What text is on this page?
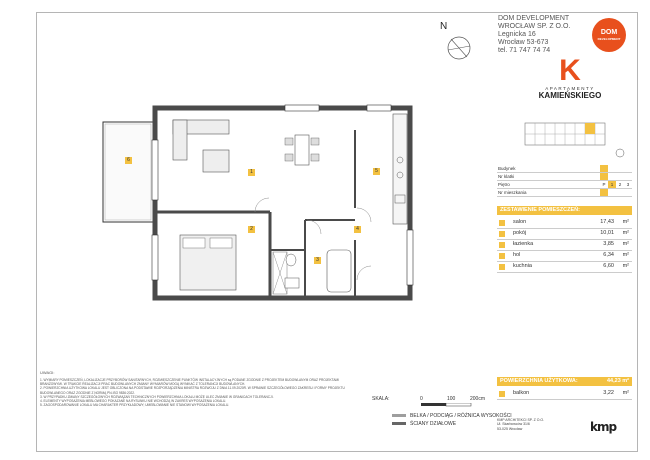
6
1	5
2	4
3
N
DOM DEVELOPMENT
WROCŁAW SP. Z O.O.
Legnicka 16
Wrocław 53-673
tel. 71 747 74 74
DOM
DEVELOPMENT
K
APARTAMENTY
KAMIEŃSKIEGO
Budynek				
Nr klatki				
Piętro	P	1	2	3
Nr mieszkania				
ZESTAWIENIE POMIESZCZEŃ:
salon	17,43 m²
pokój	10,01 m²
łazienka	3,85 m²
hol	6,34 m²
kuchnia	6,60 m²
POWIERZCHNIA UŻYTKOWA:	44,23 m²
balkon	3,22 m²
UWAGI:
1. WYMIARY POMIESZCZEŃ, LOKALIZACJE PRZYBORÓW SANITARNYCH, ROZMIESZCZENIE PUNKTÓW INSTALACYJNYCH są PODANE ZGODNIE Z PROJEKTEM BUDOWLANYM ORAZ PROJEKTAMI BRANŻOWYMI. W TRAKCIE REALIZACJI PRAC BUDOWLANYCH ZMIANY WYMIARÓW MOGĄ WYNIKAĆ Z TOLERANCJI BUDOWLANYCH.
2. POWIERZCHNIA UŻYTKOWA LOKALU JEST OBLICZONA NA PODSTAWIE ROZPORZĄDZENIA MINISTRA ROZWOJU Z DNIA 11.09.2020R. W SPRAWIE SZCZEGÓŁOWEGO ZAKRESU I FORMY PROJEKTU BUDOWLANEGO ORAZ ZGODNIE Z NORMĄ PN-ISO 9836:2022.
3. W PRZYPADKU ZMIANY SZCZEGÓŁOWYCH ROZWIĄZAŃ TECHNICZNYCH POWIERZCHNIA LOKALU MOŻE ULEC ZMIANIE W GRANICACH TOLERANCJI.
4. ELEMENTY WYPOSAŻENIA MEBLOWEGO POKAZANE NA RYSUNKU NIE WCHODZĄ W ZAKRES WYPOSAŻENIA LOKALU.
5. ZAGOSPODAROWANIE LOKALU MA CHARAKTER PRZYKŁADOWY; UMEBLOWANIE NIE STANOWI WYPOSAŻENIA LOKALU.
SKALA:	0	100	200cm
BELKA / PODCIĄG / RÓŻNICA WYSOKOŚCI
ŚCIANY DZIAŁOWE
KMP ARCHITEKCI SP. Z O.O.
Ul. Skarbowców 31/6
53-025 Wrocław	kmp
